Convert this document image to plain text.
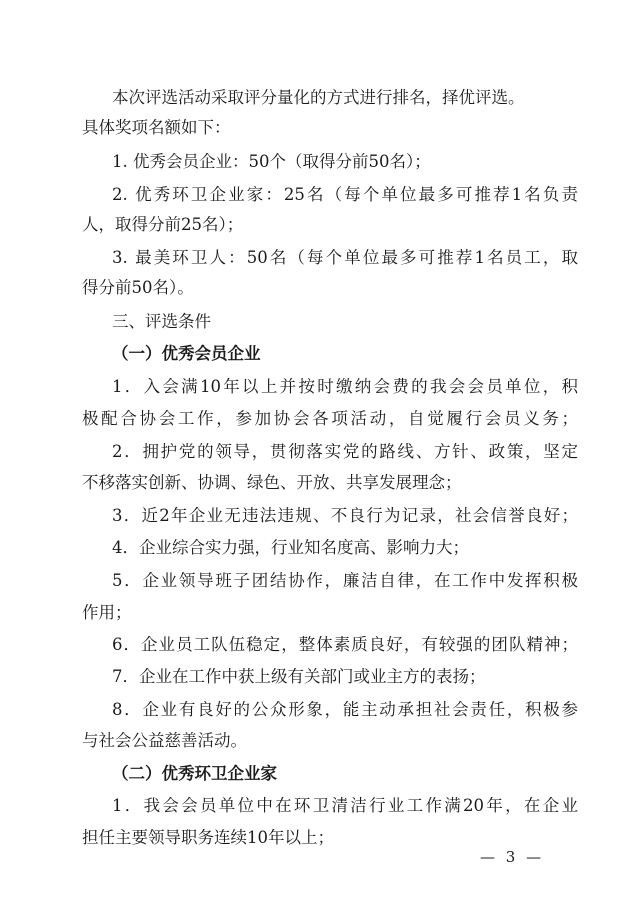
本次评选活动采取评分量化的方式进行排名，择优评选。
具体奖项名额如下：
1. 优秀会员企业：50个（取得分前50名）；
2. 优秀环卫企业家：25名（每个单位最多可推荐1名负责
人，取得分前25名）；
3. 最美环卫人：50名（每个单位最多可推荐1名员工，取
得分前50名）。
三、评选条件
（一）优秀会员企业
1．入会满10年以上并按时缴纳会费的我会会员单位，积
极配合协会工作，参加协会各项活动，自觉履行会员义务；
2．拥护党的领导，贯彻落实党的路线、方针、政策，坚定
不移落实创新、协调、绿色、开放、共享发展理念；
3．近2年企业无违法违规、不良行为记录，社会信誉良好；
4．企业综合实力强，行业知名度高、影响力大；
5．企业领导班子团结协作，廉洁自律，在工作中发挥积极
作用；
6．企业员工队伍稳定，整体素质良好，有较强的团队精神；
7．企业在工作中获上级有关部门或业主方的表扬；
8．企业有良好的公众形象，能主动承担社会责任，积极参
与社会公益慈善活动。
（二）优秀环卫企业家
1．我会会员单位中在环卫清洁行业工作满20年，在企业
担任主要领导职务连续10年以上；
— 3 —
